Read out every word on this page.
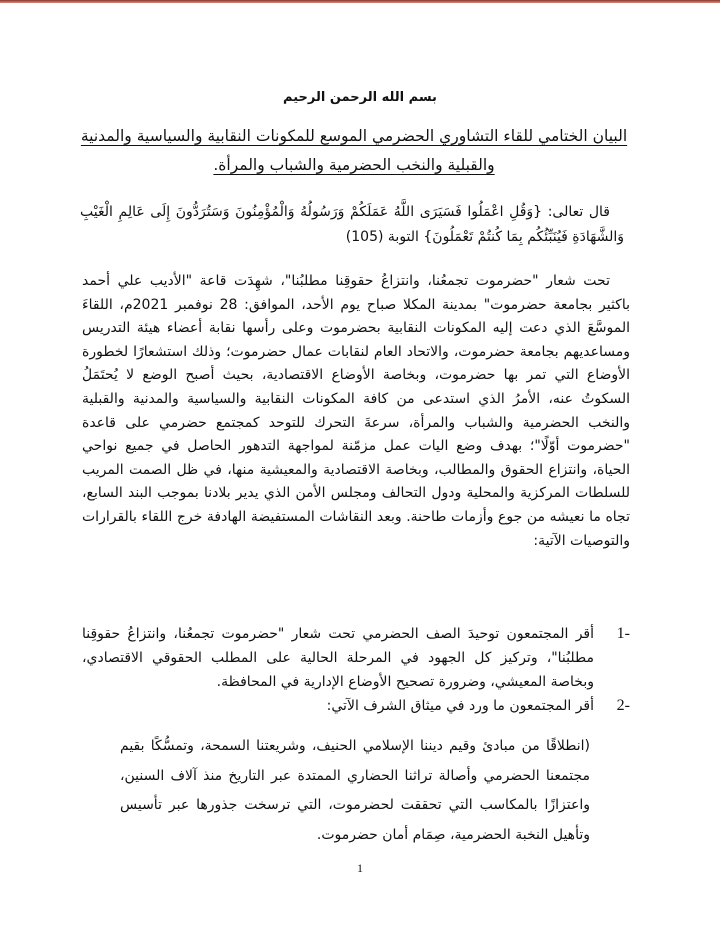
بسم الله الرحمن الرحيم
البيان الختامي للقاء التشاوري الحضرمي الموسع للمكونات النقابية والسياسية والمدنية والقبلية والنخب الحضرمية والشباب والمرأة.

قال تعالى: {وَقُلِ اعْمَلُوا فَسَيَرَى اللَّهُ عَمَلَكُمْ وَرَسُولُهُ وَالْمُؤْمِنُونَ وَسَتُرَدُّونَ إِلَى عَالِمِ الْغَيْبِ وَالشَّهَادَةِ فَيُنَبِّئُكُم بِمَا كُنتُمْ تَعْمَلُونَ} التوبة (105)

تحت شعار "حضرموت تجمعُنا، وانتزاعُ حقوقِنا مطلبُنا"، شهِدَت قاعة "الأديب علي أحمد باكثير بجامعة حضرموت" بمدينة المكلا صباح يوم الأحد، الموافق: 28 نوفمبر 2021م، اللقاءَ الموسَّعَ الذي دعت إليه المكونات النقابية بحضرموت وعلى رأسها نقابة أعضاء هيئة التدريس ومساعديهم بجامعة حضرموت، والاتحاد العام لنقابات عمال حضرموت؛ وذلك استشعارًا لخطورة الأوضاع التي تمر بها حضرموت، وبخاصة الأوضاع الاقتصادية، بحيث أصبح الوضع لا يُحتَمَلُ السكوتُ عنه، الأمرُ الذي استدعى من كافة المكونات النقابية والسياسية والمدنية والقبلية والنخب الحضرمية والشباب والمرأة، سرعةَ التحرك للتوحد كمجتمع حضرمي على قاعدة "حضرموت أوّلًا"؛ بهدف وضع اليات عمل مزمّنة لمواجهة التدهور الحاصل في جميع نواحي الحياة، وانتزاع الحقوق والمطالب، وبخاصة الاقتصادية والمعيشية منها، في ظل الصمت المريب للسلطات المركزية والمحلية ودول التحالف ومجلس الأمن الذي يدير بلادنا بموجب البند السابع، تجاه ما نعيشه من جوع وأزمات طاحنة. وبعد النقاشات المستفيضة الهادفة خرج اللقاء بالقرارات والتوصيات الآتية:

1-
أقر المجتمعون توحيدَ الصف الحضرمي تحت شعار "حضرموت تجمعُنا، وانتزاعُ حقوقِنا مطلبُنا"، وتركيز كل الجهود في المرحلة الحالية على المطلب الحقوقي الاقتصادي، وبخاصة المعيشي، وضرورة تصحيح الأوضاع الإدارية في المحافظة.
2-
أقر المجتمعون ما ورد في ميثاق الشرف الآتي:

(انطلاقًا من مبادئ وقيم ديننا الإسلامي الحنيف، وشريعتنا السمحة، وتمسُّكًا بقيم مجتمعنا الحضرمي وأصالة تراثنا الحضاري الممتدة عبر التاريخ منذ آلاف السنين، واعتزازًا بالمكاسب التي تحققت لحضرموت، التي ترسخت جذورها عبر تأسيس وتأهيل النخبة الحضرمية، صِمَام أمان حضرموت.

1
